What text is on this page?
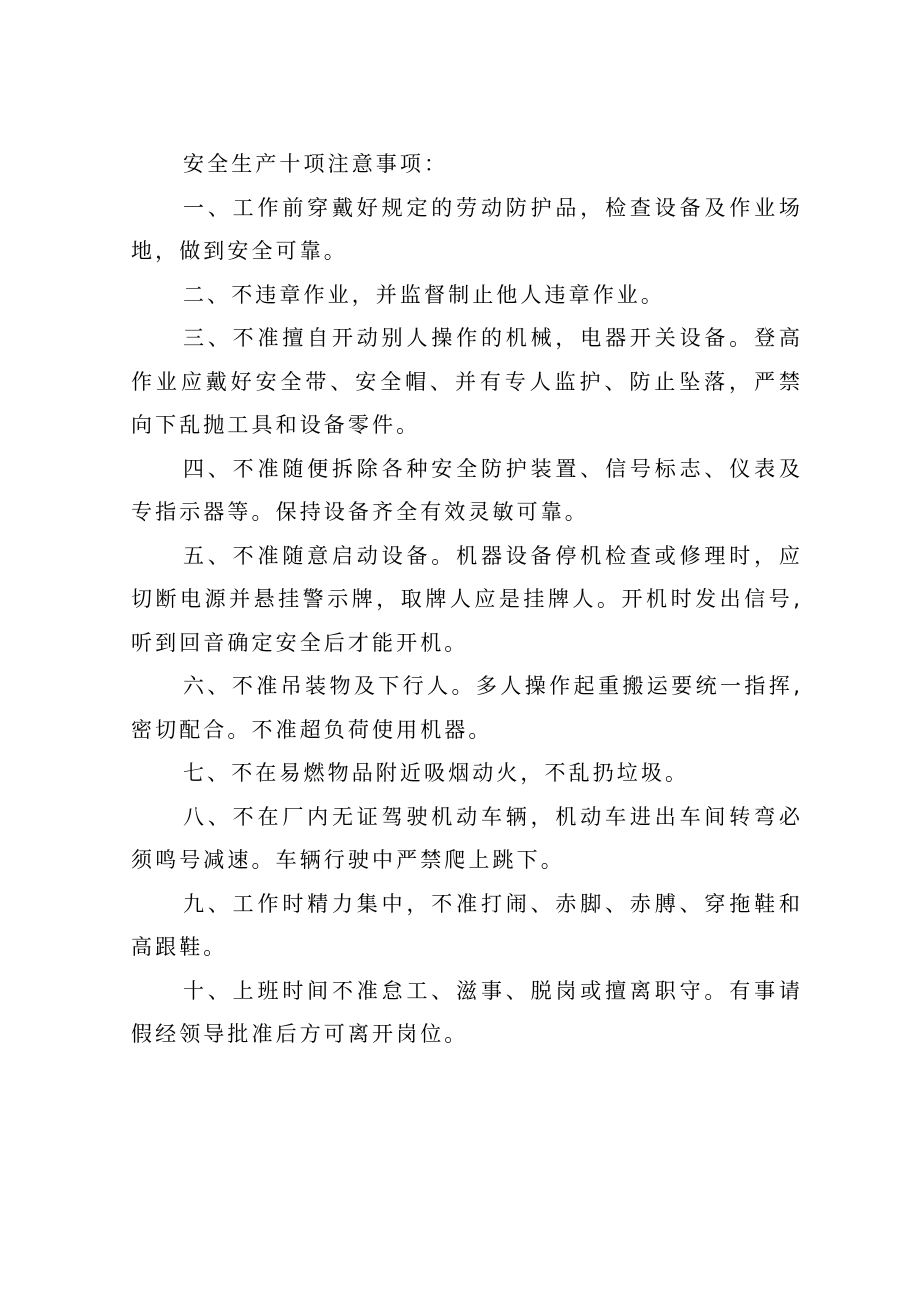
安全生产十项注意事项：

一、工作前穿戴好规定的劳动防护品，检查设备及作业场地，做到安全可靠。

二、不违章作业，并监督制止他人违章作业。

三、不准擅自开动别人操作的机械，电器开关设备。登高作业应戴好安全带、安全帽、并有专人监护、防止坠落，严禁向下乱抛工具和设备零件。

四、不准随便拆除各种安全防护装置、信号标志、仪表及专指示器等。保持设备齐全有效灵敏可靠。

五、不准随意启动设备。机器设备停机检查或修理时，应切断电源并悬挂警示牌，取牌人应是挂牌人。开机时发出信号,听到回音确定安全后才能开机。

六、不准吊装物及下行人。多人操作起重搬运要统一指挥,密切配合。不准超负荷使用机器。

七、不在易燃物品附近吸烟动火，不乱扔垃圾。

八、不在厂内无证驾驶机动车辆，机动车进出车间转弯必须鸣号减速。车辆行驶中严禁爬上跳下。

九、工作时精力集中，不准打闹、赤脚、赤膊、穿拖鞋和高跟鞋。

十、上班时间不准怠工、滋事、脱岗或擅离职守。有事请假经领导批准后方可离开岗位。
